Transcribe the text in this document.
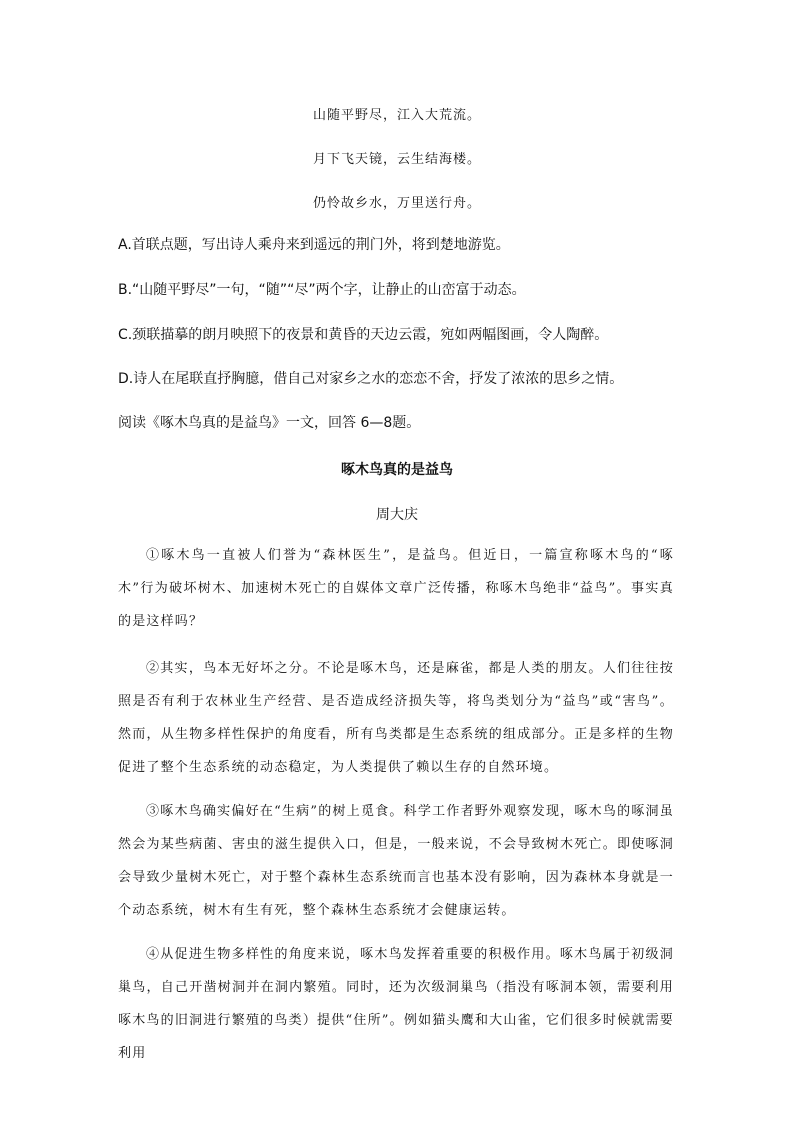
山随平野尽，江入大荒流。
月下飞天镜，云生结海楼。
仍怜故乡水，万里送行舟。
A.首联点题，写出诗人乘舟来到遥远的荆门外，将到楚地游览。
B.“山随平野尽”一句，“随”“尽”两个字，让静止的山峦富于动态。
C.颈联描摹的朗月映照下的夜景和黄昏的天边云霞，宛如两幅图画，令人陶醉。
D.诗人在尾联直抒胸臆，借自己对家乡之水的恋恋不舍，抒发了浓浓的思乡之情。
阅读《啄木鸟真的是益鸟》一文，回答 6—8题。
啄木鸟真的是益鸟
周大庆
①啄木鸟一直被人们誉为“森林医生”，是益鸟。但近日，一篇宣称啄木鸟的“啄木”行为破坏树木、加速树木死亡的自媒体文章广泛传播，称啄木鸟绝非“益鸟”。事实真的是这样吗？
②其实，鸟本无好坏之分。不论是啄木鸟，还是麻雀，都是人类的朋友。人们往往按照是否有利于农林业生产经营、是否造成经济损失等，将鸟类划分为“益鸟”或“害鸟”。然而，从生物多样性保护的角度看，所有鸟类都是生态系统的组成部分。正是多样的生物促进了整个生态系统的动态稳定，为人类提供了赖以生存的自然环境。
③啄木鸟确实偏好在“生病”的树上觅食。科学工作者野外观察发现，啄木鸟的啄洞虽然会为某些病菌、害虫的滋生提供入口，但是，一般来说，不会导致树木死亡。即使啄洞会导致少量树木死亡，对于整个森林生态系统而言也基本没有影响，因为森林本身就是一个动态系统，树木有生有死，整个森林生态系统才会健康运转。
④从促进生物多样性的角度来说，啄木鸟发挥着重要的积极作用。啄木鸟属于初级洞巢鸟，自己开凿树洞并在洞内繁殖。同时，还为次级洞巢鸟（指没有啄洞本领，需要利用啄木鸟的旧洞进行繁殖的鸟类）提供“住所”。例如猫头鹰和大山雀，它们很多时候就需要利用
